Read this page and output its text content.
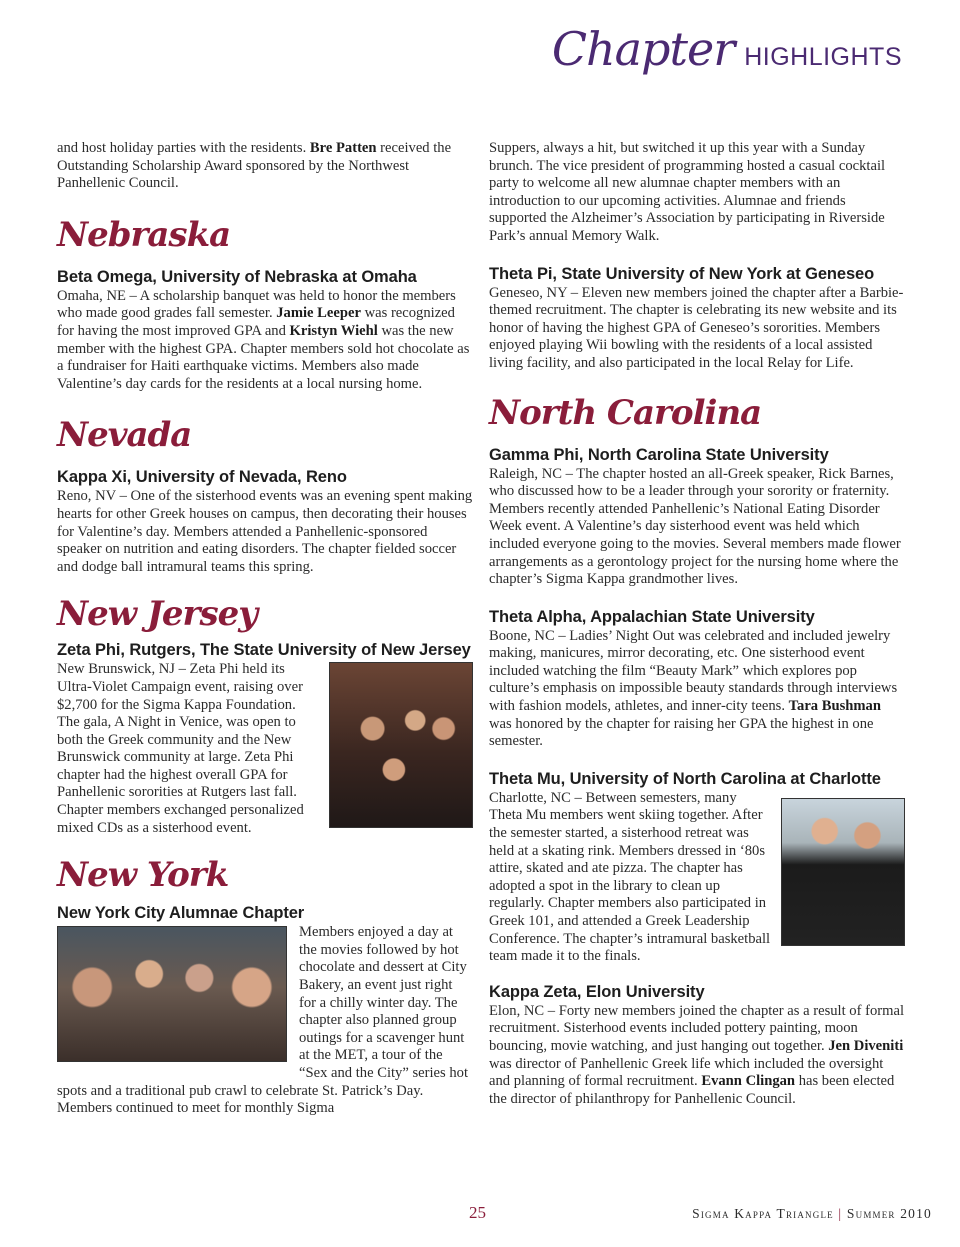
Chapter HIGHLIGHTS

and host holiday parties with the residents. Bre Patten received the Outstanding Scholarship Award sponsored by the Northwest Panhellenic Council.

Nebraska
Beta Omega, University of Nebraska at Omaha

Omaha, NE – A scholarship banquet was held to honor the members who made good grades fall semester. Jamie Leeper was recognized for having the most improved GPA and Kristyn Wiehl was the new member with the highest GPA. Chapter members sold hot chocolate as a fundraiser for Haiti earthquake victims. Members also made Valentine’s day cards for the residents at a local nursing home.

Nevada
Kappa Xi, University of Nevada, Reno

Reno, NV – One of the sisterhood events was an evening spent making hearts for other Greek houses on campus, then decorating their houses for Valentine’s day. Members attended a Panhellenic-sponsored speaker on nutrition and eating disorders. The chapter fielded soccer and dodge ball intramural teams this spring.

New Jersey
Zeta Phi, Rutgers, The State University of New Jersey

New Brunswick, NJ – Zeta Phi held its Ultra-Violet Campaign event, raising over $2,700 for the Sigma Kappa Foundation. The gala, A Night in Venice, was open to both the Greek community and the New Brunswick community at large. Zeta Phi chapter had the highest overall GPA for Panhellenic sororities at Rutgers last fall. Chapter members exchanged personalized mixed CDs as a sisterhood event.

New York
New York City Alumnae Chapter

Members enjoyed a day at the movies followed by hot chocolate and dessert at City Bakery, an event just right for a chilly winter day. The chapter also planned group outings for a scavenger hunt at the MET, a tour of the “Sex and the City” series hot spots and a traditional pub crawl to celebrate St. Patrick’s Day. Members continued to meet for monthly Sigma

Suppers, always a hit, but switched it up this year with a Sunday brunch. The vice president of programming hosted a casual cocktail party to welcome all new alumnae chapter members with an introduction to our upcoming activities. Alumnae and friends supported the Alzheimer’s Association by participating in Riverside Park’s annual Memory Walk.

Theta Pi, State University of New York at Geneseo

Geneseo, NY – Eleven new members joined the chapter after a Barbie-themed recruitment. The chapter is celebrating its new website and its honor of having the highest GPA of Geneseo’s sororities. Members enjoyed playing Wii bowling with the residents of a local assisted living facility, and also participated in the local Relay for Life.

North Carolina
Gamma Phi, North Carolina State University

Raleigh, NC – The chapter hosted an all-Greek speaker, Rick Barnes, who discussed how to be a leader through your sorority or fraternity. Members recently attended Panhellenic’s National Eating Disorder Week event. A Valentine’s day sisterhood event was held which included everyone going to the movies. Several members made flower arrangements as a gerontology project for the nursing home where the chapter’s Sigma Kappa grandmother lives.

Theta Alpha, Appalachian State University

Boone, NC – Ladies’ Night Out was celebrated and included jewelry making, manicures, mirror decorating, etc. One sisterhood event included watching the film “Beauty Mark” which explores pop culture’s emphasis on impossible beauty standards through interviews with fashion models, athletes, and inner-city teens. Tara Bushman was honored by the chapter for raising her GPA the highest in one semester.

Theta Mu, University of North Carolina at Charlotte

Charlotte, NC – Between semesters, many Theta Mu members went skiing together. After the semester started, a sisterhood retreat was held at a skating rink. Members dressed in ‘80s attire, skated and ate pizza. The chapter has adopted a spot in the library to clean up regularly. Chapter members also participated in Greek 101, and attended a Greek Leadership Conference. The chapter’s intramural basketball team made it to the finals.

Kappa Zeta, Elon University

Elon, NC – Forty new members joined the chapter as a result of formal recruitment. Sisterhood events included pottery painting, moon bouncing, movie watching, and just hanging out together. Jen Diveniti was director of Panhellenic Greek life which included the oversight and planning of formal recruitment. Evann Clingan has been elected the director of philanthropy for Panhellenic Council.

25	Sigma Kappa Triangle | Summer 2010
